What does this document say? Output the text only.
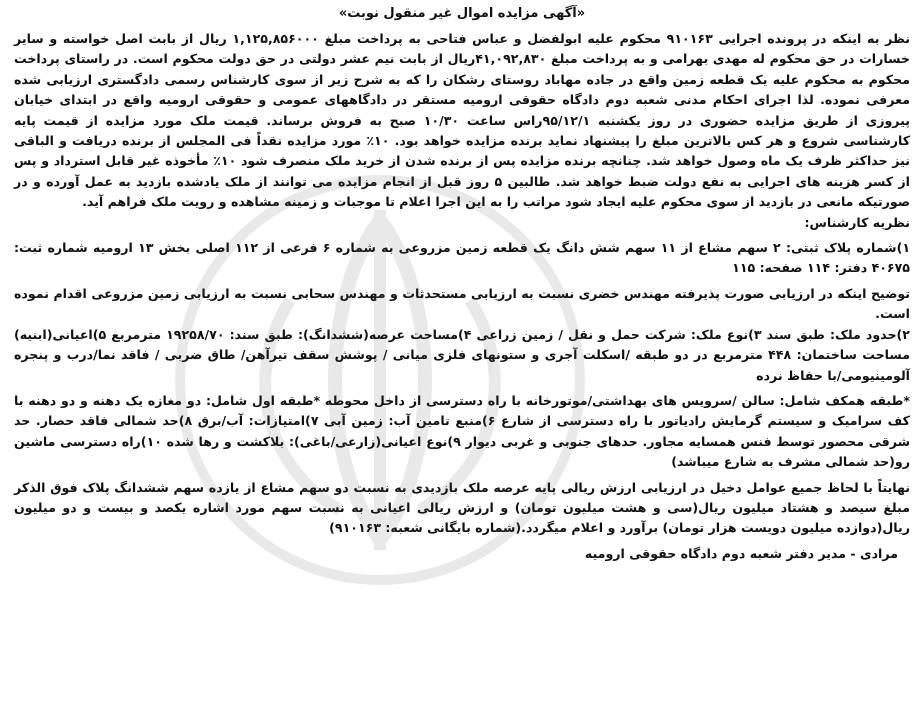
«آگهی مزایده اموال غیر منقول نوبت»

نظر به اینکه در پرونده اجرایی ۹۱۰۱۶۳ محکوم علیه ابولفضل و عباس فتاحی به پرداخت مبلغ ۱,۱۲۵,۸۵۶۰۰۰ ریال از بابت اصل خواسته و سایر خسارات در حق محکوم له مهدی بهرامی و به پرداخت مبلغ ۴۱,۰۹۲,۸۳۰ریال از بابت نیم عشر دولتی در حق دولت محکوم است. در راستای پرداخت محکوم به محکوم علیه یک قطعه زمین واقع در جاده مهاباد روستای رشکان را که به شرح زیر از سوی کارشناس رسمی دادگستری ارزیابی شده معرفی نموده. لذا اجرای احکام مدنی شعبه دوم دادگاه حقوقی ارومیه مستقر در دادگاههای عمومی و حقوقی ارومیه واقع در ابتدای خیابان پیروزی از طریق مزایده حضوری در روز یکشنبه ۹۵/۱۲/۱راس ساعت ۱۰/۳۰ صبح به فروش برساند. قیمت ملک مورد مزایده از قیمت پایه کارشناسی شروع و هر کس بالاترین مبلغ را پیشنهاد نماید برنده مزایده خواهد بود. ۱۰٪ مورد مزایده نقداً فی المجلس از برنده دریافت و الباقی نیز حداکثر ظرف یک ماه وصول خواهد شد. چنانچه برنده مزایده پس از برنده شدن از خرید ملک منصرف شود ۱۰٪ مأخوذه غیر قابل استرداد و پس از کسر هزینه های اجرایی به نفع دولت ضبط خواهد شد. طالبین ۵ روز قبل از انجام مزایده می توانند از ملک یادشده بازدید به عمل آورده و در صورتیکه مانعی در بازدید از سوی محکوم علیه ایجاد شود مراتب را به این اجرا اعلام تا موجبات و زمینه مشاهده و رویت ملک فراهم آید.

نظریه کارشناس:

۱)شماره پلاک ثبتی: ۲ سهم مشاع از ۱۱ سهم شش دانگ یک قطعه زمین مزروعی به شماره ۶ فرعی از ۱۱۲ اصلی بخش ۱۳ ارومیه شماره ثبت: ۴۰۶۷۵ دفتر: ۱۱۴ صفحه: ۱۱۵

توضیح اینکه در ارزیابی صورت پذیرفته مهندس خضری نسبت به ارزیابی مستحدثات و مهندس سحابی نسبت به ارزیابی زمین مزروعی اقدام نموده است.

۲)حدود ملک: طبق سند ۳)نوع ملک: شرکت حمل و نقل / زمین زراعی ۴)مساحت عرصه(ششدانگ): طبق سند: ۱۹۲۵۸/۷۰ مترمربع ۵)اعیانی(ابنیه) مساحت ساختمان: ۴۴۸ مترمربع در دو طبقه /اسکلت آجری و ستونهای فلزی میانی / پوشش سقف تیرآهن/ طاق ضربی / فاقد نما/درب و پنجره آلومینیومی/با حفاظ نرده

*طبقه همکف شامل: سالن /سرویس های بهداشتی/موتورخانه با راه دسترسی از داخل محوطه *طبقه اول شامل: دو مغازه یک دهنه و دو دهنه با کف سرامیک و سیستم گرمایش رادیاتور با راه دسترسی از شارع ۶)منبع تامین آب: زمین آبی ۷)امتیازات: آب/برق ۸)حد شمالی فاقد حصار. حد شرقی محصور توسط فنس همسایه مجاور. حدهای جنوبی و غربی دیوار ۹)نوع اعیانی(زارعی/باغی): بلاکشت و رها شده ۱۰)راه دسترسی ماشین رو(حد شمالی مشرف به شارع میباشد)

نهایتاً با لحاظ جمیع عوامل دخیل در ارزیابی ارزش ریالی پایه عرصه ملک بازدیدی به نسبت دو سهم مشاع از یازده سهم ششدانگ پلاک فوق الذکر مبلغ سیصد و هشتاد میلیون ریال(سی و هشت میلیون تومان) و ارزش ریالی اعیانی به نسبت سهم مورد اشاره یکصد و بیست و دو میلیون ریال(دوازده میلیون دویست هزار تومان) برآورد و اعلام میگردد.(شماره بایگانی شعبه: ۹۱۰۱۶۳)

مرادی - مدیر دفتر شعبه دوم دادگاه حقوقی ارومیه
